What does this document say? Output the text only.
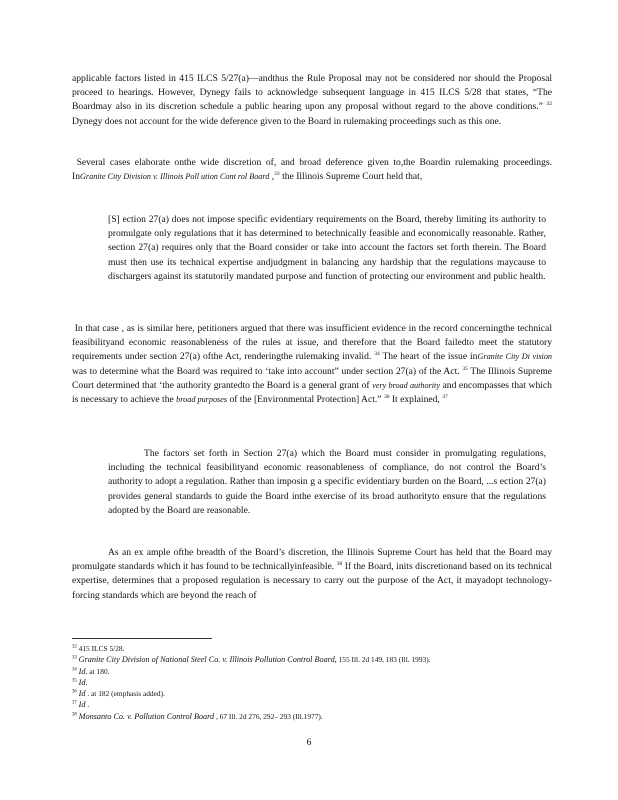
applicable factors listed in 415 ILCS 5/27(a)—andthus the Rule Proposal may not be considered nor should the Proposal proceed to hearings. However, Dynegy fails to acknowledge subsequent language in 415 ILCS 5/28 that states, “The Boardmay also in its discretion schedule a public hearing upon any proposal without regard to the above conditions.” $^{32}$ Dynegy does not account for the wide deference given to the Board in rulemaking proceedings such as this one.

Several cases elaborate onthe wide discretion of, and broad deference given to,the Boardin rulemaking proceedings. InGranite City Division v. Illinois Poll ution Cont rol Board ,$^{33}$ the Illinois Supreme Court held that,

[S] ection 27(a) does not impose specific evidentiary requirements on the Board, thereby limiting its authority to promulgate only regulations that it has determined to betechnically feasible and economically reasonable. Rather, section 27(a) requires only that the Board consider or take into account the factors set forth therein. The Board must then use its technical expertise andjudgment in balancing any hardship that the regulations maycause to dischargers against its statutorily mandated purpose and function of protecting our environment and public health.

In that case , as is similar here, petitioners argued that there was insufficient evidence in the record concerningthe technical feasibilityand economic reasonableness of the rules at issue, and therefore that the Board failedto meet the statutory requirements under section 27(a) ofthe Act, renderingthe rulemaking invalid. $^{34}$ The heart of the issue inGranite City Di vision was to determine what the Board was required to ‘take into account” under section 27(a) of the Act. $^{35}$ The Illinois Supreme Court determined that ‘the authority grantedto the Board is a general grant of very broad authority and encompasses that which is necessary to achieve the broad purposes of the [Environmental Protection] Act.” $^{36}$ It explained, $^{37}$

The factors set forth in Section 27(a) which the Board must consider in promulgating regulations, including the technical feasibilityand economic reasonableness of compliance, do not control the Board’s authority to adopt a regulation. Rather than imposin g a specific evidentiary burden on the Board, ...s ection 27(a) provides general standards to guide the Board inthe exercise of its broad authorityto ensure that the regulations adopted by the Board are reasonable.

As an ex ample ofthe breadth of the Board’s discretion, the Illinois Supreme Court has held that the Board may promulgate standards which it has found to be technicallyinfeasible. $^{38}$ If the Board, inits discretionand based on its technical expertise, determines that a proposed regulation is necessary to carry out the purpose of the Act, it mayadopt technology-forcing standards which are beyond the reach of

$^{32}$ 415 ILCS 5/28.
$^{33}$ Granite City Division of National Steel Co. v. Illinois Pollution Control Board, 155 Ill. 2d 149, 183 (Ill. 1993).
$^{34}$ Id. at 180.
$^{35}$ Id.
$^{36}$ Id . at 182 (emphasis added).
$^{37}$ Id .
$^{38}$ Monsanto Co. v. Pollution Control Board , 67 Ill. 2d 276, 292– 293 (Ill.1977).
6
